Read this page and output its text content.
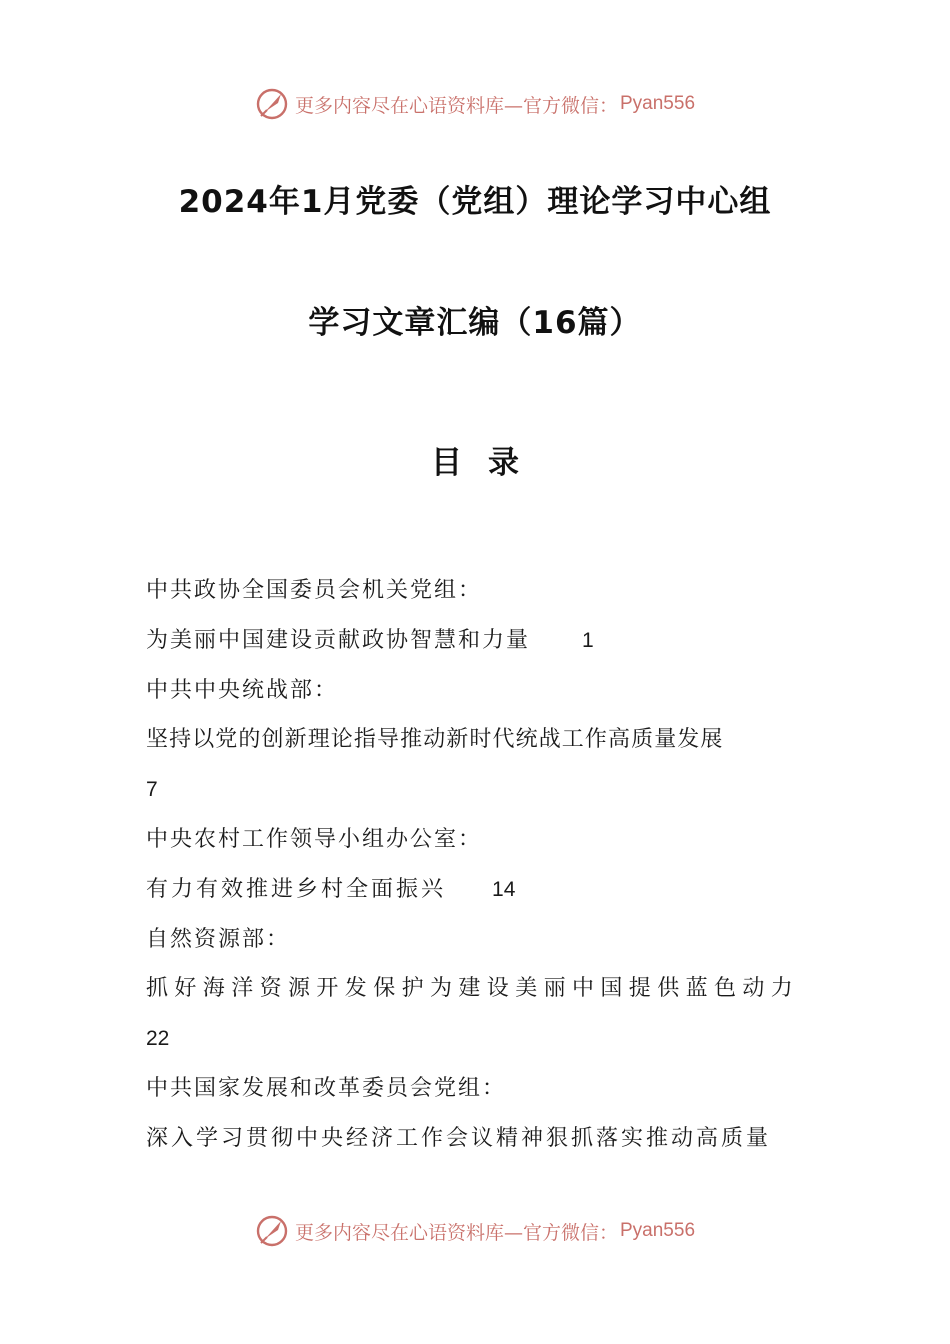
更多内容尽在心语资料库—官方微信： Pyan556
2024年1月党委（党组）理论学习中心组
学习文章汇编（16篇）
目录
中共政协全国委员会机关党组：
为美丽中国建设贡献政协智慧和力量 1
中共中央统战部：
坚持以党的创新理论指导推动新时代统战工作高质量发展
7
中央农村工作领导小组办公室：
有力有效推进乡村全面振兴 14
自然资源部：
抓好海洋资源开发保护为建设美丽中国提供蓝色动力
22
中共国家发展和改革委员会党组：
深入学习贯彻中央经济工作会议精神狠抓落实推动高质量
更多内容尽在心语资料库—官方微信： Pyan556
